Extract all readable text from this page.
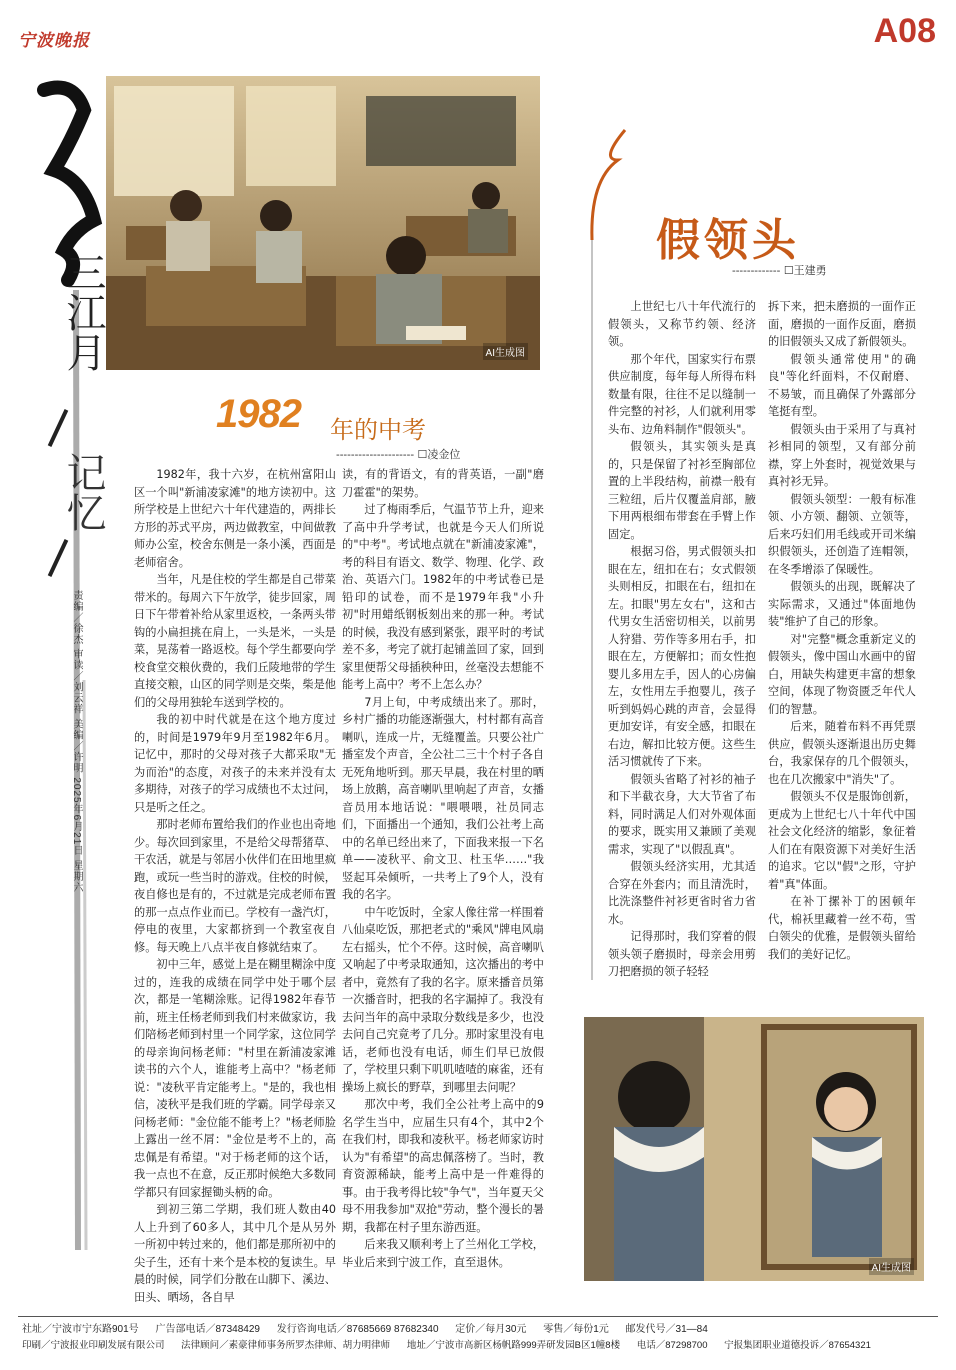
宁波晚报	A08
三江月
记忆
责编／徐杰 审读／刘云祥 美编／许明 2025年6月21日 星期六
AI生成图
1982 年的中考
--------------------- ☐凌金位

1982年，我十六岁，在杭州富阳山区一个叫"新浦凌家滩"的地方读初中。这所学校是上世纪六十年代建造的，两排长方形的苏式平房，两边做教室，中间做教师办公室，校舍东侧是一条小溪，西面是老师宿舍。

当年，凡是住校的学生都是自己带菜带米的。每周六下午放学，徒步回家，周日下午带着补给从家里返校，一条两头带钩的小扁担挑在肩上，一头是米，一头是菜，晃荡着一路返校。每个学生都要向学校食堂交粮伙费的，我们丘陵地带的学生直接交粮，山区的同学则是交柴，柴是他们的父母用独轮车送到学校的。

我的初中时代就是在这个地方度过的，时间是1979年9月至1982年6月。记忆中，那时的父母对孩子大都采取"无为而治"的态度，对孩子的未来并没有太多期待，对孩子的学习成绩也不太过问，只是听之任之。

那时老师布置给我们的作业也出奇地少。每次回到家里，不是给父母帮猪草、干农活，就是与邻居小伙伴们在田地里疯跑，或玩一些当时的游戏。住校的时候，夜自修也是有的，不过就是完成老师布置的那一点点作业而已。学校有一盏汽灯，停电的夜里，大家都挤到一个教室夜自修。每天晚上八点半夜自修就结束了。

初中三年，感觉上是在糊里糊涂中度过的，连我的成绩在同学中处于哪个层次，都是一笔糊涂账。记得1982年春节前，班主任杨老师到我们村来做家访，我们陪杨老师到村里一个同学家，这位同学的母亲询问杨老师："村里在新浦凌家滩读书的六个人，谁能考上高中？"杨老师说："凌秋平肯定能考上。"是的，我也相信，凌秋平是我们班的学霸。同学母亲又问杨老师："金位能不能考上？"杨老师脸上露出一丝不屑："金位是考不上的，高忠佩是有希望。"对于杨老师的这个话，我一点也不在意，反正那时候绝大多数同学都只有回家握锄头柄的命。

到初三第二学期，我们班人数由40人上升到了60多人，其中几个是从另外一所初中转过来的，他们都是那所初中的尖子生，还有十来个是本校的复读生。早晨的时候，同学们分散在山脚下、溪边、田头、晒场，各自早

读，有的背语文，有的背英语，一副"磨刀霍霍"的架势。

过了梅雨季后，气温节节上升，迎来了高中升学考试，也就是今天人们所说的"中考"。考试地点就在"新浦凌家滩"，考的科目有语文、数学、物理、化学、政治、英语六门。1982年的中考试卷已是铅印的试卷，而不是1979年我"小升初"时用蜡纸钢板刻出来的那一种。考试的时候，我没有感到紧张，跟平时的考试差不多，考完了就打起铺盖回了家，回到家里便帮父母插秧种田，丝毫没去想能不能考上高中？考不上怎么办？

7月上旬，中考成绩出来了。那时，乡村广播的功能逐渐强大，村村都有高音喇叭，连成一片，无缝覆盖。只要公社广播室发个声音，全公社二三十个村子各自无死角地听到。那天早晨，我在村里的晒场上放鹅，高音喇叭里响起了声音，女播音员用本地话说："喂喂喂，社员同志们，下面播出一个通知，我们公社考上高中的名单已经出来了，下面我来报一下名单——凌秋平、俞文卫、杜玉华……"我竖起耳朵倾听，一共考上了9个人，没有我的名字。

中午吃饭时，全家人像往常一样围着八仙桌吃饭，那把老式的"乘风"牌电风扇左右摇头，忙个不停。这时候，高音喇叭又响起了中考录取通知，这次播出的考中者中，竟然有了我的名字。原来播音员第一次播音时，把我的名字漏掉了。我没有去问当年的高中录取分数线是多少，也没去问自己究竟考了几分。那时家里没有电话，老师也没有电话，师生们早已放假了，学校里只剩下叽叽喳喳的麻雀，还有操场上疯长的野草，到哪里去问呢？

那次中考，我们全公社考上高中的9名学生当中，应届生只有4个，其中2个在我们村，即我和凌秋平。杨老师家访时认为"有希望"的高忠佩落榜了。当时，教育资源稀缺，能考上高中是一件难得的事。由于我考得比较"争气"，当年夏天父母不用我参加"双抢"劳动，整个漫长的暑期，我都在村子里东游西逛。

后来我又顺利考上了兰州化工学校，毕业后来到宁波工作，直至退休。

假领头
------------- ☐王建勇

上世纪七八十年代流行的假领头，又称节约领、经济领。

那个年代，国家实行布票供应制度，每年每人所得布料数量有限，往往不足以缝制一件完整的衬衫，人们就利用零头布、边角料制作"假领头"。

假领头，其实领头是真的，只是保留了衬衫至胸部位置的上半段结构，前襟一般有三粒纽，后片仅覆盖肩部，腋下用两根细布带套在手臂上作固定。

根据习俗，男式假领头扣眼在左，纽扣在右；女式假领头则相反，扣眼在右，纽扣在左。扣眼"男左女右"，这和古代男女生活密切相关，以前男人狩猎、劳作等多用右手，扣眼在左，方便解扣；而女性抱婴儿多用左手，因人的心房偏左，女性用左手抱婴儿，孩子听到妈妈心跳的声音，会显得更加安详，有安全感，扣眼在右边，解扣比较方便。这些生活习惯就传了下来。

假领头省略了衬衫的袖子和下半截衣身，大大节省了布料，同时满足人们对外观体面的要求，既实用又兼顾了美观需求，实现了"以假乱真"。

假领头经济实用，尤其适合穿在外套内；而且清洗时，比洗涤整件衬衫更省时省力省水。

记得那时，我们穿着的假领头领子磨损时，母亲会用剪刀把磨损的领子轻轻

拆下来，把未磨损的一面作正面，磨损的一面作反面，磨损的旧假领头又成了新假领头。

假领头通常使用"的确良"等化纤面料，不仅耐磨、不易皱，而且确保了外露部分笔挺有型。

假领头由于采用了与真衬衫相同的领型，又有部分前襟，穿上外套时，视觉效果与真衬衫无异。

假领头领型：一般有标准领、小方领、翻领、立领等，后来巧妇们用毛线或开司米编织假领头，还创造了连帽领，在冬季增添了保暖性。

假领头的出现，既解决了实际需求，又通过"体面地伪装"维护了自己的形象。

对"完整"概念重新定义的假领头，像中国山水画中的留白，用缺失构建更丰富的想象空间，体现了物资匮乏年代人们的智慧。

后来，随着布料不再凭票供应，假领头逐渐退出历史舞台，我家保存的几个假领头，也在几次搬家中"消失"了。

假领头不仅是服饰创新，更成为上世纪七八十年代中国社会文化经济的缩影，象征着人们在有限资源下对美好生活的追求。它以"假"之形，守护着"真"体面。

在补丁摞补丁的困顿年代，棉袄里藏着一丝不苟，雪白领尖的优雅，是假领头留给我们的美好记忆。

AI生成图
社址／宁波市宁东路901号 广告部电话／87348429 发行咨询电话／87685669 87682340 定价／每月30元 零售／每份1元 邮发代号／31—84
印刷／宁波报业印刷发展有限公司 法律顾问／素豪律师事务所罗杰律师、胡力明律师 地址／宁波市高新区杨帆路999弄研发园B区1幢8楼 电话／87298700 宁报集团职业道德投诉／87654321
